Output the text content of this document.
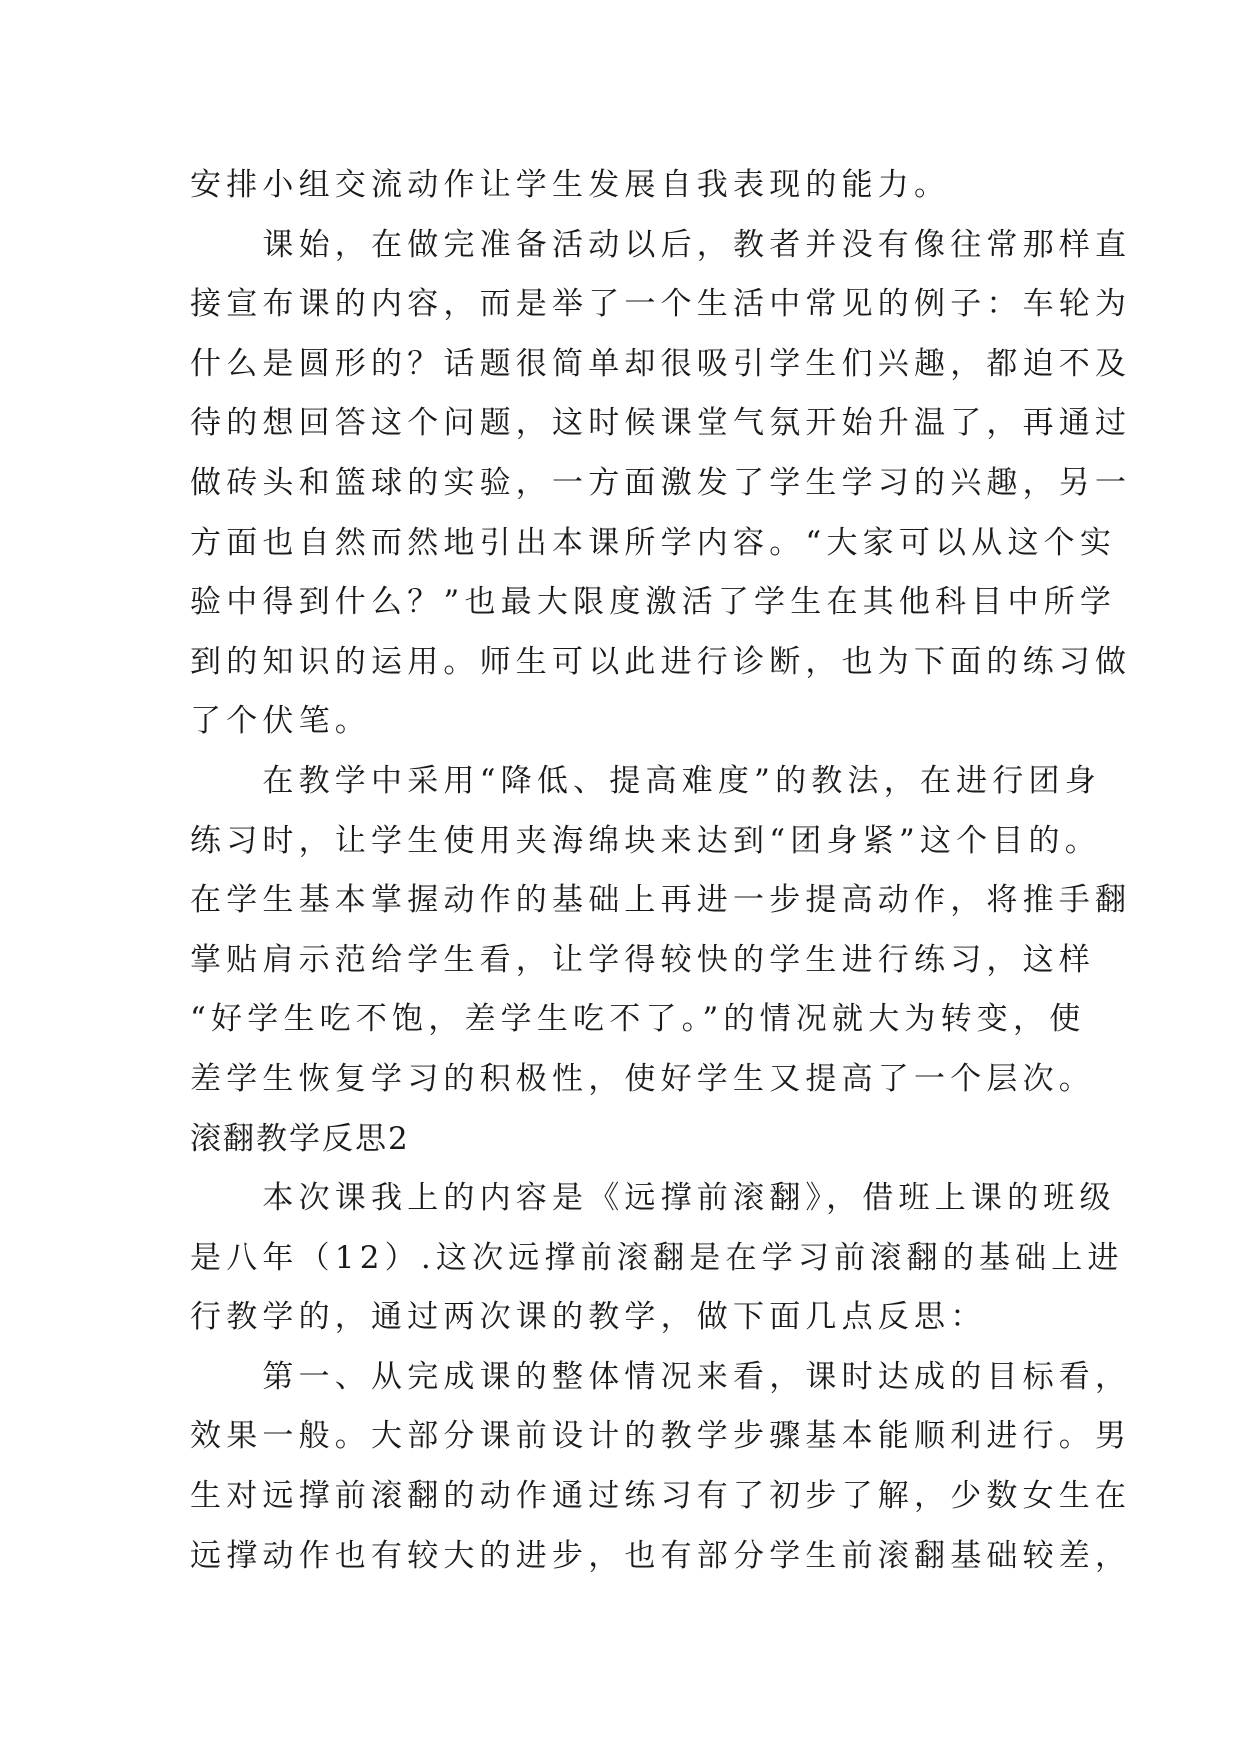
安排小组交流动作让学生发展自我表现的能力。
　　课始，在做完准备活动以后，教者并没有像往常那样直
接宣布课的内容，而是举了一个生活中常见的例子：车轮为
什么是圆形的？话题很简单却很吸引学生们兴趣，都迫不及
待的想回答这个问题，这时候课堂气氛开始升温了，再通过
做砖头和篮球的实验，一方面激发了学生学习的兴趣，另一
方面也自然而然地引出本课所学内容。“大家可以从这个实
验中得到什么？”也最大限度激活了学生在其他科目中所学
到的知识的运用。师生可以此进行诊断，也为下面的练习做
了个伏笔。
　　在教学中采用“降低、提高难度”的教法，在进行团身
练习时，让学生使用夹海绵块来达到“团身紧”这个目的。
在学生基本掌握动作的基础上再进一步提高动作，将推手翻
掌贴肩示范给学生看，让学得较快的学生进行练习，这样
“好学生吃不饱，差学生吃不了。”的情况就大为转变，使
差学生恢复学习的积极性，使好学生又提高了一个层次。
滚翻教学反思2
　　本次课我上的内容是《远撑前滚翻》，借班上课的班级
是八年（12）.这次远撑前滚翻是在学习前滚翻的基础上进
行教学的，通过两次课的教学，做下面几点反思：
　　第一、从完成课的整体情况来看，课时达成的目标看，
效果一般。大部分课前设计的教学步骤基本能顺利进行。男
生对远撑前滚翻的动作通过练习有了初步了解，少数女生在
远撑动作也有较大的进步，也有部分学生前滚翻基础较差，
